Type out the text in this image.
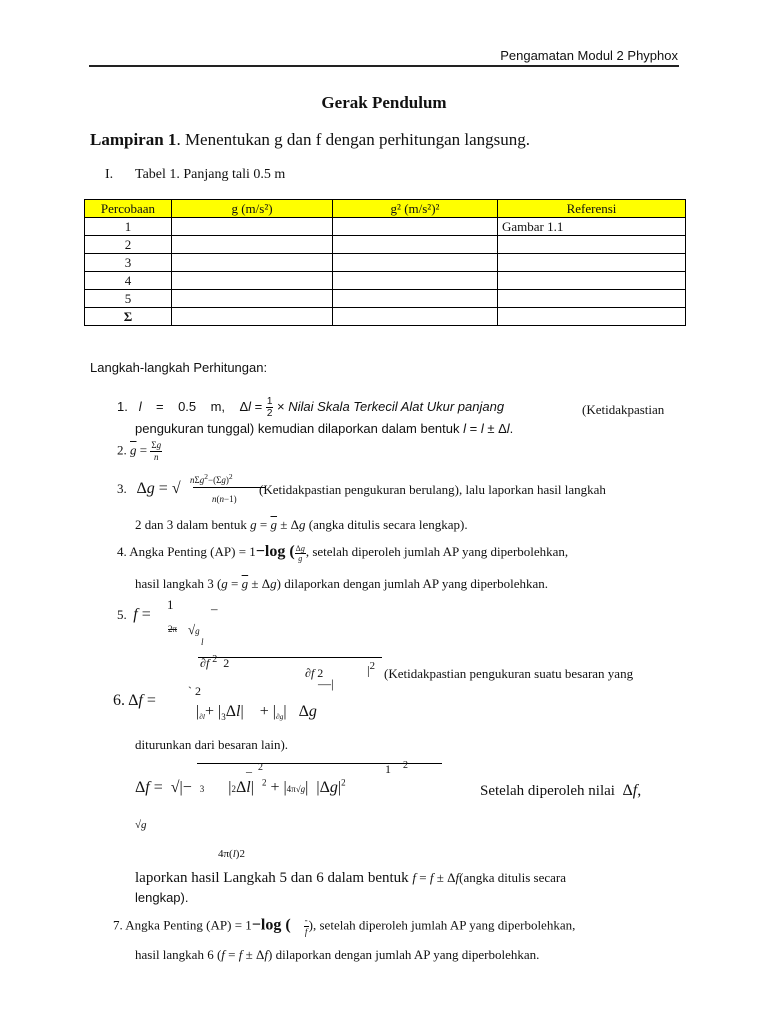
Pengamatan Modul 2 Phyphox
Gerak Pendulum
Lampiran 1. Menentukan g dan f dengan perhitungan langsung.
I. Tabel 1. Panjang tali 0.5 m
Percobaan	g (m/s²)	g² (m/s²)²	Referensi
1			Gambar 1.1
2			
3			
4			
5			
Σ			
Langkah-langkah Perhitungan:
1. l    =    0.5    m,    $\Delta l = \frac{1}{2}$ × Nilai Skala Terkecil Alat Ukur panjang	(Ketidakpastian
pengukuran tunggal) kemudian dilaporkan dalam bentuk l = l ± Δl.
2. $\overline{g} = \frac{\Sigma g}{n}$
3.   Δg = √ $n\Sigma g^2-(\Sigma g)^2$
n(n−1)
(Ketidakpastian pengukuran berulang), lalu laporkan hasil langkah
2 dan 3 dalam bentuk $g = \overline{g} \pm \Delta g$ (angka ditulis secara lengkap).
4. Angka Penting (AP) = 1−log ( $\frac{\Delta g}{g}$ , setelah diperoleh jumlah AP yang diperbolehkan,
hasil langkah 3 $(g = \overline{g} \pm \Delta g)$ dilaporkan dengan jumlah AP yang diperbolehkan.
5.  f =
1	–
2π √g
l
∂f $^2$  2
∂f 2
—|
$|^2$ (Ketidakpastian pengukuran suatu besaran yang
` 2
6. Δf =
$|_{\partial l}+ |_3\Delta l|$    + $|_{\partial g}|$   Δg
diturunkan dari besaran lain).
–  $^2$	1    $^2$
Δf =  √|−  3      |2Δl|  $^2$ + |4π√g|  $|\Delta g|^2$	Setelah diperoleh nilai Δf,
√g
4π(l)2
laporkan hasil Langkah 5 dan 6 dalam bentuk f = f ± Δf(angka ditulis secara
lengkap).
7. Angka Penting (AP) = 1−log ( $\frac{-}{f}$ ), setelah diperoleh jumlah AP yang diperbolehkan,
hasil langkah 6 (f = f ± Δf) dilaporkan dengan jumlah AP yang diperbolehkan.
